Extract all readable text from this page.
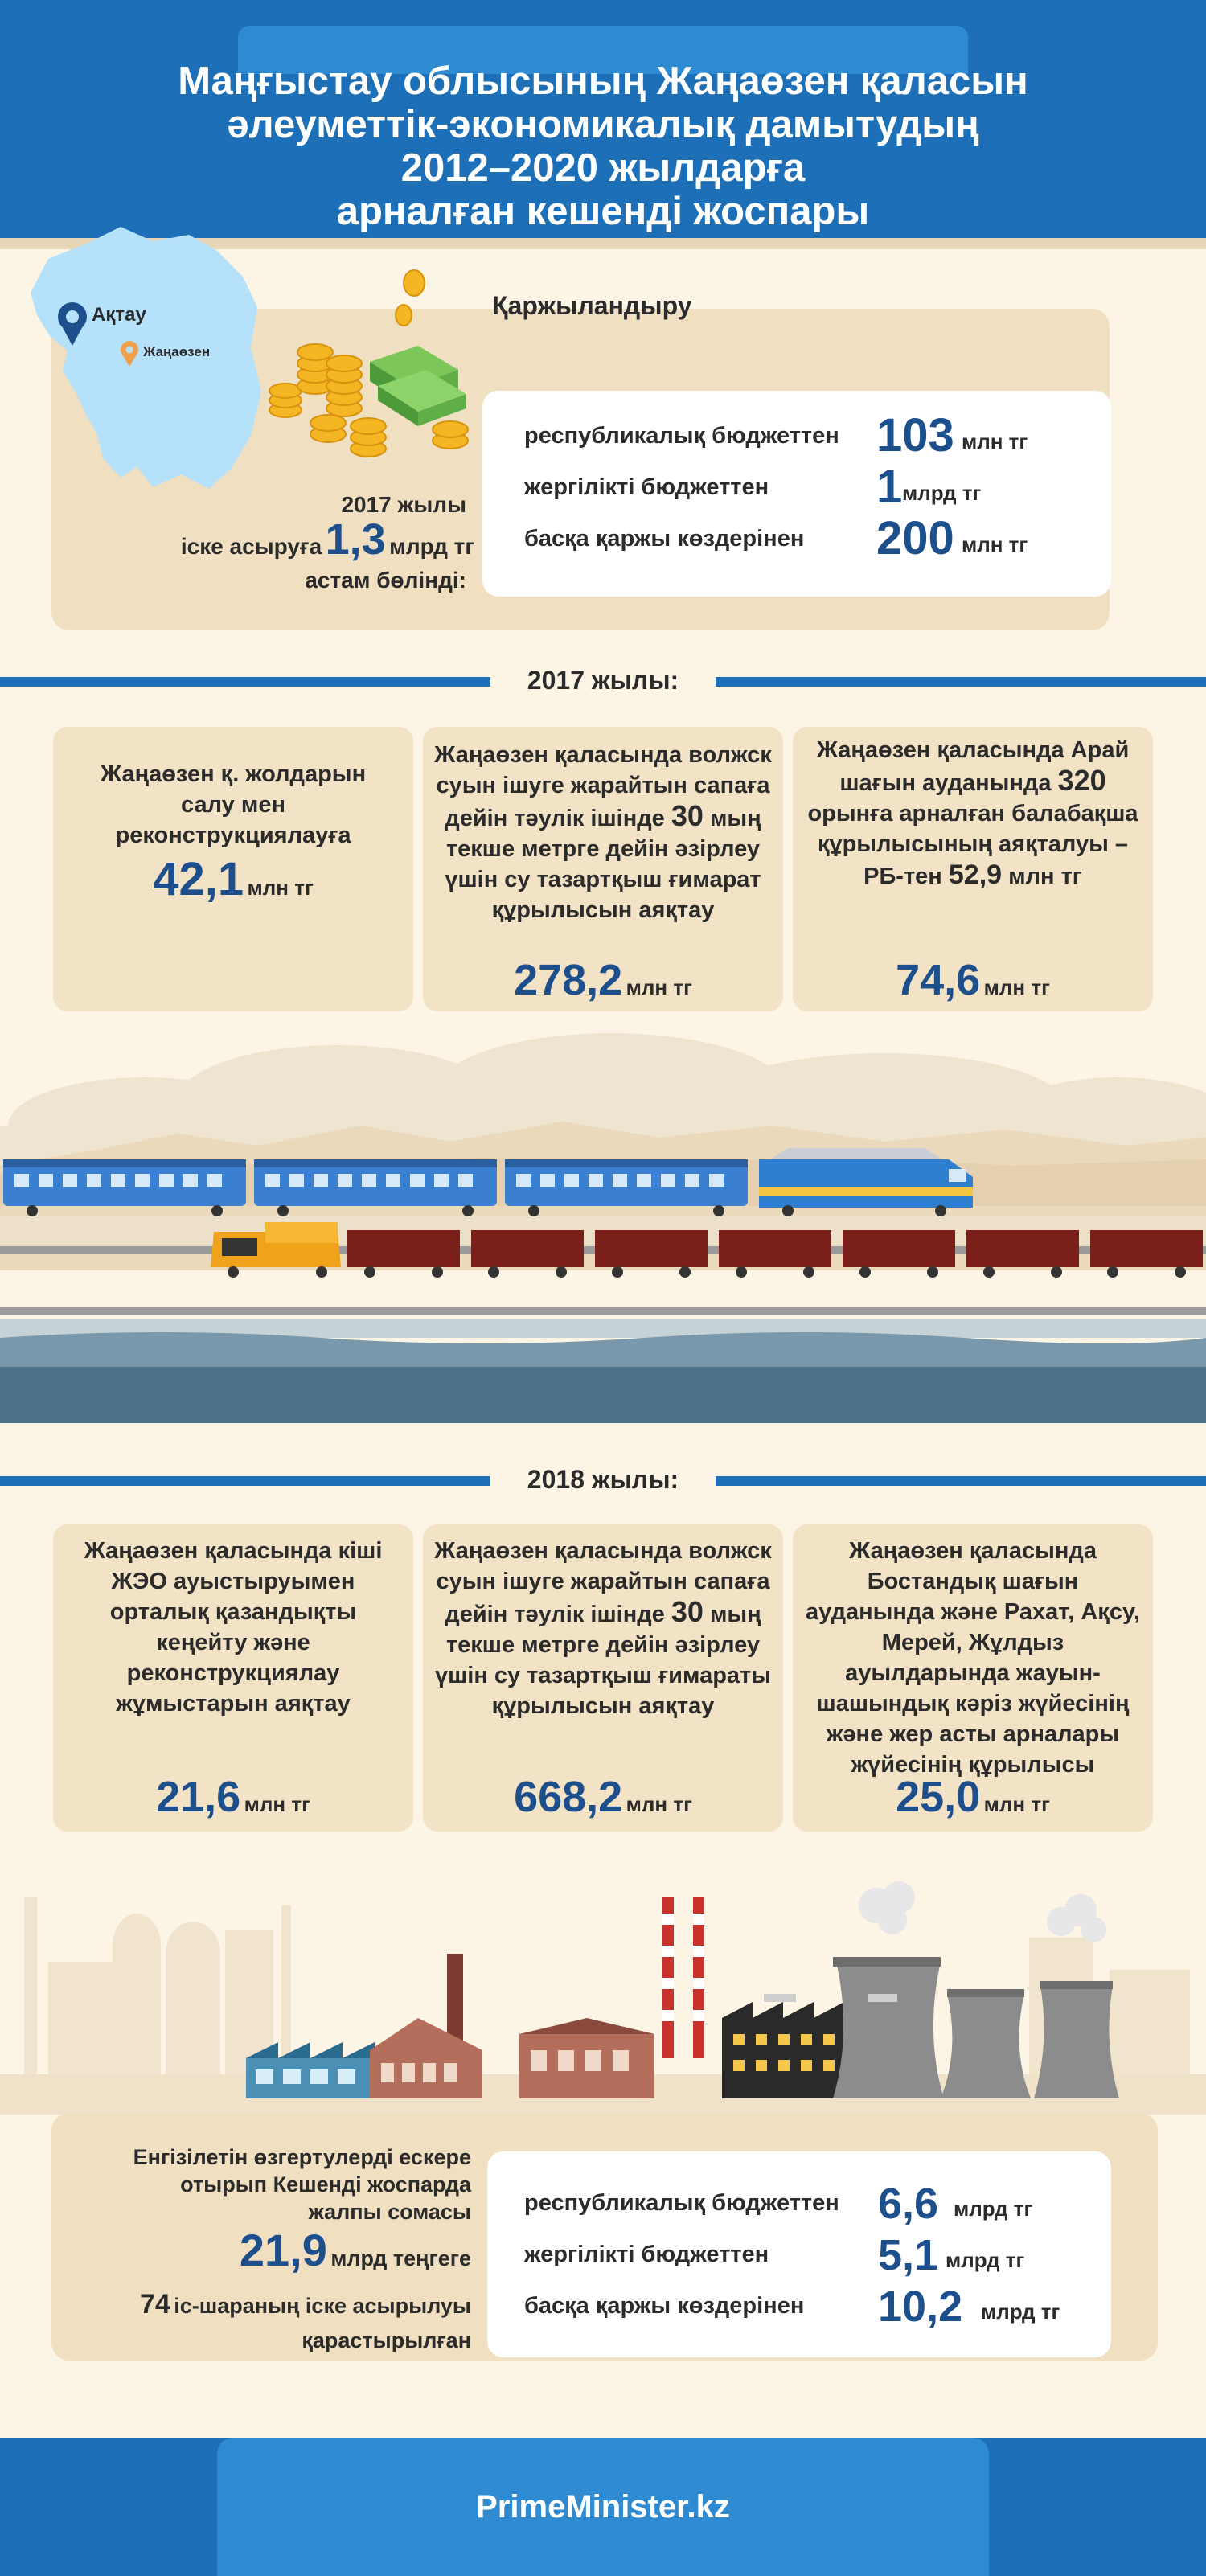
Маңғыстау облысының Жаңаөзен қаласын
әлеуметтік-экономикалық дамытудың
2012–2020 жылдарға
арналған кешенді жоспары
Ақтау
Жаңаөзен
Қаржыландыру
2017 жылы
іске асыруға 1,3 млрд тг
астам бөлінді:
республикалық бюджеттен 103 млн тг
жергілікті бюджеттен 1 млрд тг
басқа қаржы көздерінен 200 млн тг
2017 жылы:
Жаңаөзен қ. жолдарын салу мен реконструкциялауға
42,1 млн тг
Жаңаөзен қаласында волжск суын ішуге жарайтын сапаға дейін тәулік ішінде 30 мың текше метрге дейін әзірлеу үшін су тазартқыш ғимарат құрылысын аяқтау
278,2 млн тг
Жаңаөзен қаласында Арай шағын ауданында 320 орынға арналған балабақша құрылысының аяқталуы –
РБ-тен 52,9 млн тг
74,6 млн тг
2018 жылы:
Жаңаөзен қаласында кіші ЖЭО ауыстыруымен орталық қазандықты кеңейту және реконструкциялау жұмыстарын аяқтау
21,6 млн тг
Жаңаөзен қаласында волжск суын ішуге жарайтын сапаға дейін тәулік ішінде 30 мың текше метрге дейін әзірлеу үшін су тазартқыш ғимараты құрылысын аяқтау
668,2 млн тг
Жаңаөзен қаласында Бостандық шағын ауданында және Рахат, Ақсу, Мерей, Жұлдыз ауылдарында жауын-шашындық кәріз жүйесінің және жер асты арналары жүйесінің құрылысы
25,0 млн тг
Енгізілетін өзгертулерді ескере
отырып Кешенді жоспарда
жалпы сомасы
21,9 млрд теңгеге
74 іс-шараның іске асырылуы
қарастырылған
республикалық бюджеттен 6,6 млрд тг
жергілікті бюджеттен	5,1 млрд тг
басқа қаржы көздерінен 10,2 млрд тг
PrimeMinister.kz
